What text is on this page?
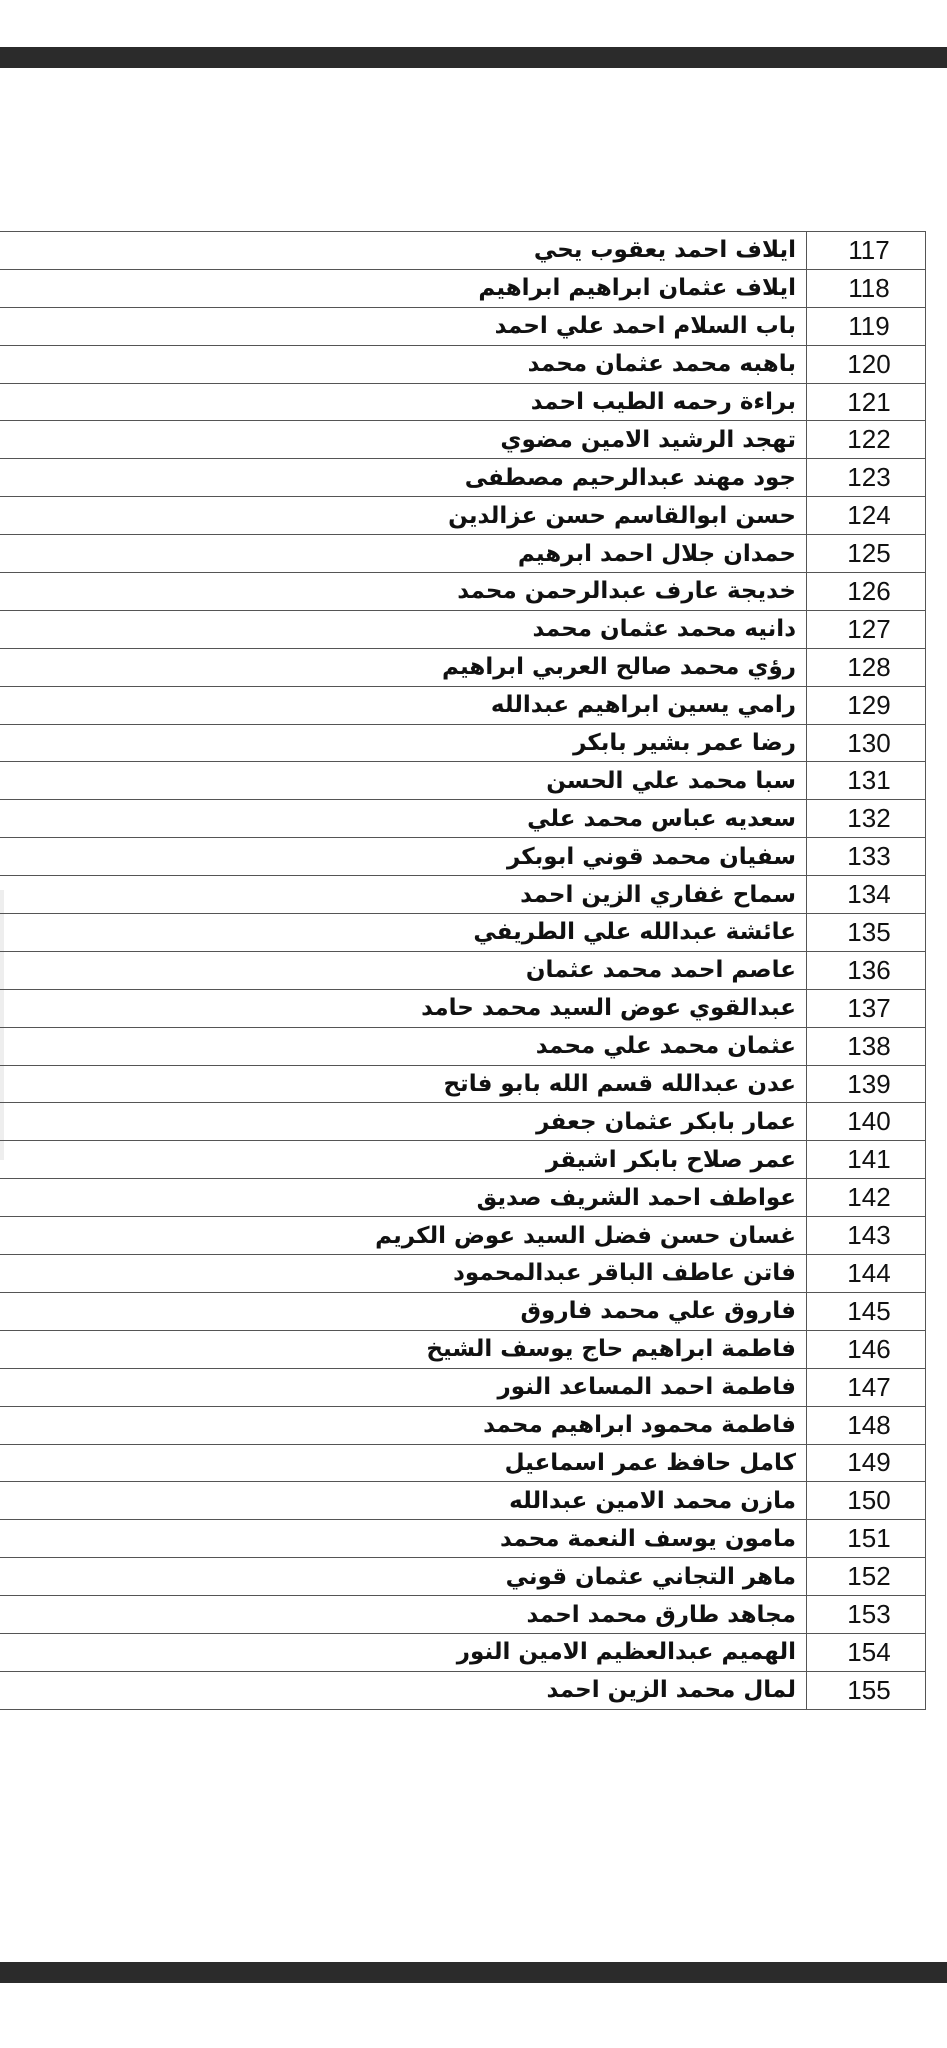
117	ايلاف احمد يعقوب يحي
118	ايلاف عثمان ابراهيم ابراهيم
119	باب السلام احمد علي احمد
120	باهبه محمد عثمان محمد
121	براءة رحمه الطيب احمد
122	تهجد الرشيد الامين مضوي
123	جود مهند عبدالرحيم مصطفى
124	حسن ابوالقاسم حسن عزالدين
125	حمدان جلال احمد ابرهيم
126	خديجة عارف عبدالرحمن محمد
127	دانيه محمد عثمان محمد
128	رؤي محمد صالح العربي ابراهيم
129	رامي يسين ابراهيم عبدالله
130	رضا عمر بشير بابكر
131	سبا محمد علي الحسن
132	سعديه عباس محمد علي
133	سفيان محمد قوني ابوبكر
134	سماح غفاري الزين احمد
135	عائشة عبدالله علي الطريفي
136	عاصم احمد محمد عثمان
137	عبدالقوي عوض السيد محمد حامد
138	عثمان محمد علي محمد
139	عدن عبدالله قسم الله بابو فاتح
140	عمار بابكر عثمان جعفر
141	عمر صلاح بابكر اشيقر
142	عواطف احمد الشريف صديق
143	غسان حسن فضل السيد عوض الكريم
144	فاتن عاطف الباقر عبدالمحمود
145	فاروق علي محمد فاروق
146	فاطمة ابراهيم حاج يوسف الشيخ
147	فاطمة احمد المساعد النور
148	فاطمة محمود ابراهيم محمد
149	كامل حافظ عمر اسماعيل
150	مازن محمد الامين عبدالله
151	مامون يوسف النعمة محمد
152	ماهر التجاني عثمان قوني
153	مجاهد طارق محمد احمد
154	الهميم عبدالعظيم الامين النور
155	لمال محمد الزين احمد
